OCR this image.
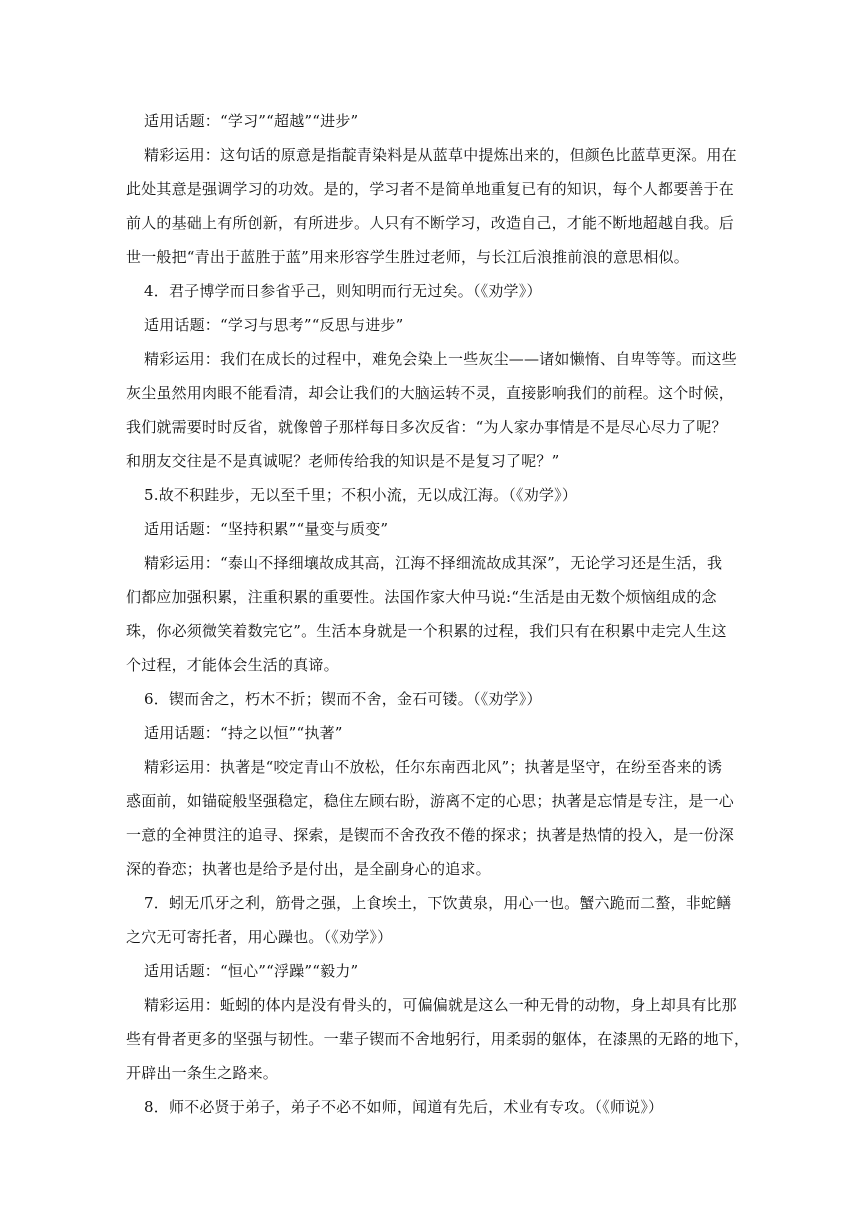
适用话题：“学习”“超越”“进步”
精彩运用：这句话的原意是指靛青染料是从蓝草中提炼出来的，但颜色比蓝草更深。用在
此处其意是强调学习的功效。是的，学习者不是简单地重复已有的知识，每个人都要善于在
前人的基础上有所创新，有所进步。人只有不断学习，改造自己，才能不断地超越自我。后
世一般把“青出于蓝胜于蓝”用来形容学生胜过老师，与长江后浪推前浪的意思相似。
4．君子博学而日参省乎己，则知明而行无过矣。（《劝学》）
适用话题：“学习与思考”“反思与进步”
精彩运用：我们在成长的过程中，难免会染上一些灰尘——诸如懒惰、自卑等等。而这些
灰尘虽然用肉眼不能看清，却会让我们的大脑运转不灵，直接影响我们的前程。这个时候，
我们就需要时时反省，就像曾子那样每日多次反省：“为人家办事情是不是尽心尽力了呢？
和朋友交往是不是真诚呢？老师传给我的知识是不是复习了呢？”
5.故不积跬步，无以至千里；不积小流，无以成江海。（《劝学》）
适用话题：“坚持积累”“量变与质变”
精彩运用：“泰山不择细壤故成其高，江海不择细流故成其深”，无论学习还是生活，我
们都应加强积累，注重积累的重要性。法国作家大仲马说:“生活是由无数个烦恼组成的念
珠，你必须微笑着数完它”。生活本身就是一个积累的过程，我们只有在积累中走完人生这
个过程，才能体会生活的真谛。
6．锲而舍之，朽木不折；锲而不舍，金石可镂。（《劝学》）
适用话题：“持之以恒”“执著”
精彩运用：执著是“咬定青山不放松，任尔东南西北风”；执著是坚守，在纷至沓来的诱
惑面前，如锚碇般坚强稳定，稳住左顾右盼，游离不定的心思；执著是忘情是专注，是一心
一意的全神贯注的追寻、探索，是锲而不舍孜孜不倦的探求；执著是热情的投入，是一份深
深的眷恋；执著也是给予是付出，是全副身心的追求。
7．蚓无爪牙之利，筋骨之强，上食埃土，下饮黄泉，用心一也。蟹六跪而二螯，非蛇鳝
之穴无可寄托者，用心躁也。（《劝学》）
适用话题：“恒心”“浮躁”“毅力”
精彩运用：蚯蚓的体内是没有骨头的，可偏偏就是这么一种无骨的动物，身上却具有比那
些有骨者更多的坚强与韧性。一辈子锲而不舍地躬行，用柔弱的躯体，在漆黑的无路的地下，
开辟出一条生之路来。
8．师不必贤于弟子，弟子不必不如师，闻道有先后，术业有专攻。（《师说》）
